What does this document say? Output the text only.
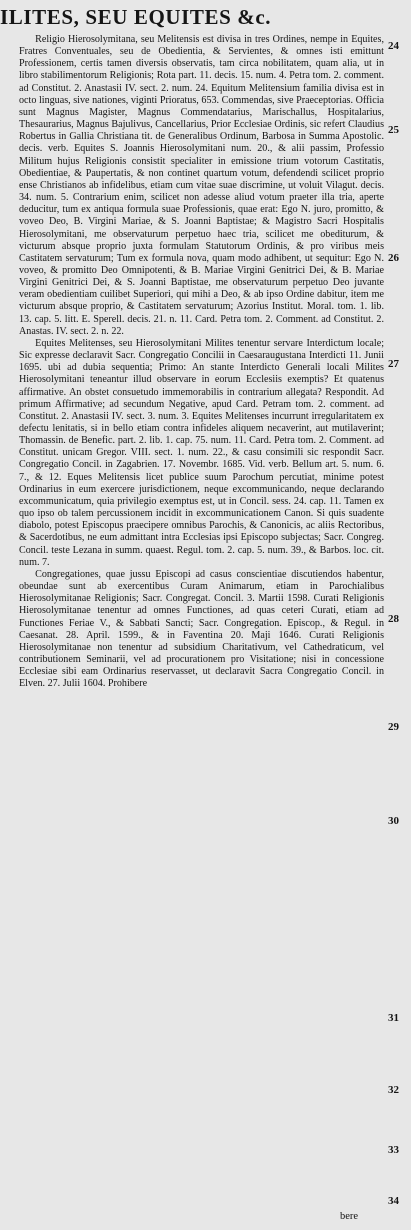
ILITES, SEU EQUITES &c.

Religio Hierosolymitana, seu Melitensis est divisa in tres Ordines, nempe in Equites, Fratres Conventuales, seu de Obedientia, & Servientes, & omnes isti emittunt Professionem, certis tamen diversis observatis, tam circa nobilitatem, quam alia, ut in libro stabilimentorum Religionis; Rota part. 11. decis. 15. num. 4. Petra tom. 2. comment. ad Constitut. 2. Anastasii IV. sect. 2. num. 24. Equitum Melitensium familia divisa est in octo linguas, sive nationes, viginti Prioratus, 653. Commendas, sive Praeceptorias. Officia sunt Magnus Magister, Magnus Commendatarius, Marischallus, Hospitalarius, Thesaurarius, Magnus Bajulivus, Cancellarius, Prior Ecclesiae Ordinis, sic refert Claudius Robertus in Gallia Christiana tit. de Generalibus Ordinum, Barbosa in Summa Apostolic. decis. verb. Equites S. Joannis Hierosolymitani num. 20., & alii passim, Professio Militum hujus Religionis consistit specialiter in emissione trium votorum Castitatis, Obedientiae, & Paupertatis, & non continet quartum votum, defendendi scilicet proprio ense Christianos ab infidelibus, etiam cum vitae suae discrimine, ut voluit Vilagut. decis. 34. num. 5. Contrarium enim, scilicet non adesse aliud votum praeter illa tria, aperte deducitur, tum ex antiqua formula suae Professionis, quae erat: Ego N. juro, promitto, & voveo Deo, B. Virgini Mariae, & S. Joanni Baptistae; & Magistro Sacri Hospitalis Hierosolymitani, me observaturum perpetuo haec tria, scilicet me obediturum, & victurum absque proprio juxta formulam Statutorum Ordinis, & pro viribus meis Castitatem servaturum; Tum ex formula nova, quam modo adhibent, ut sequitur: Ego N. voveo, & promitto Deo Omnipotenti, & B. Mariae Virgini Genitrici Dei, & B. Mariae Virgini Genitrici Dei, & S. Joanni Baptistae, me observaturum perpetuo Deo juvante veram obedientiam cuilibet Superiori, qui mihi a Deo, & ab ipso Ordine dabitur, item me victurum absque proprio, & Castitatem servaturum; Azorius Institut. Moral. tom. 1. lib. 13. cap. 5. litt. E. Sperell. decis. 21. n. 11. Card. Petra tom. 2. Comment. ad Constitut. 2. Anastas. IV. sect. 2. n. 22.

Equites Melitenses, seu Hierosolymitani Milites tenentur servare Interdictum locale; Sic expresse declaravit Sacr. Congregatio Concilii in Caesaraugustana Interdicti 11. Junii 1695. ubi ad dubia sequentia; Primo: An stante Interdicto Generali locali Milites Hierosolymitani teneantur illud observare in eorum Ecclesiis exemptis? Et quatenus affirmative. An obstet consuetudo immemorabilis in contrarium allegata? Respondit. Ad primum Affirmative; ad secundum Negative, apud Card. Petram tom. 2. comment. ad Constitut. 2. Anastasii IV. sect. 3. num. 3. Equites Melitenses incurrunt irregularitatem ex defectu lenitatis, si in bello etiam contra infideles aliquem necaverint, aut mutilaverint; Thomassin. de Benefic. part. 2. lib. 1. cap. 75. num. 11. Card. Petra tom. 2. Comment. ad Constitut. unicam Gregor. VIII. sect. 1. num. 22., & casu consimili sic respondit Sacr. Congregatio Concil. in Zagabrien. 17. Novembr. 1685. Vid. verb. Bellum art. 5. num. 6. 7., & 12. Eques Melitensis licet publice suum Parochum percutiat, minime potest Ordinarius in eum exercere jurisdictionem, neque excommunicando, neque declarando excommunicatum, quia privilegio exemptus est, ut in Concil. sess. 24. cap. 11. Tamen ex quo ipso ob talem percussionem incidit in excommunicationem Canon. Si quis suadente diabolo, potest Episcopus praecipere omnibus Parochis, & Canonicis, ac aliis Rectoribus, & Sacerdotibus, ne eum admittant intra Ecclesias ipsi Episcopo subjectas; Sacr. Congreg. Concil. teste Lezana in summ. quaest. Regul. tom. 2. cap. 5. num. 39., & Barbos. loc. cit. num. 7.

Congregationes, quae jussu Episcopi ad casus conscientiae discutiendos habentur, obeundae sunt ab exercentibus Curam Animarum, etiam in Parochialibus Hierosolymitanae Religionis; Sacr. Congregat. Concil. 3. Martii 1598. Curati Religionis Hierosolymitanae tenentur ad omnes Functiones, ad quas ceteri Curati, etiam ad Functiones Feriae V., & Sabbati Sancti; Sacr. Congregation. Episcop., & Regul. in Caesanat. 28. April. 1599., & in Faventina 20. Maji 1646. Curati Religionis Hierosolymitanae non tenentur ad subsidium Charitativum, vel Cathedraticum, vel contributionem Seminarii, vel ad procurationem pro Visitatione; nisi in concessione Ecclesiae sibi eam Ordinarius reservasset, ut declaravit Sacra Congregatio Concil. in Elven. 27. Julii 1604. Prohibere

24
25
26
27
28
29
30
31
32
33
34
bere
